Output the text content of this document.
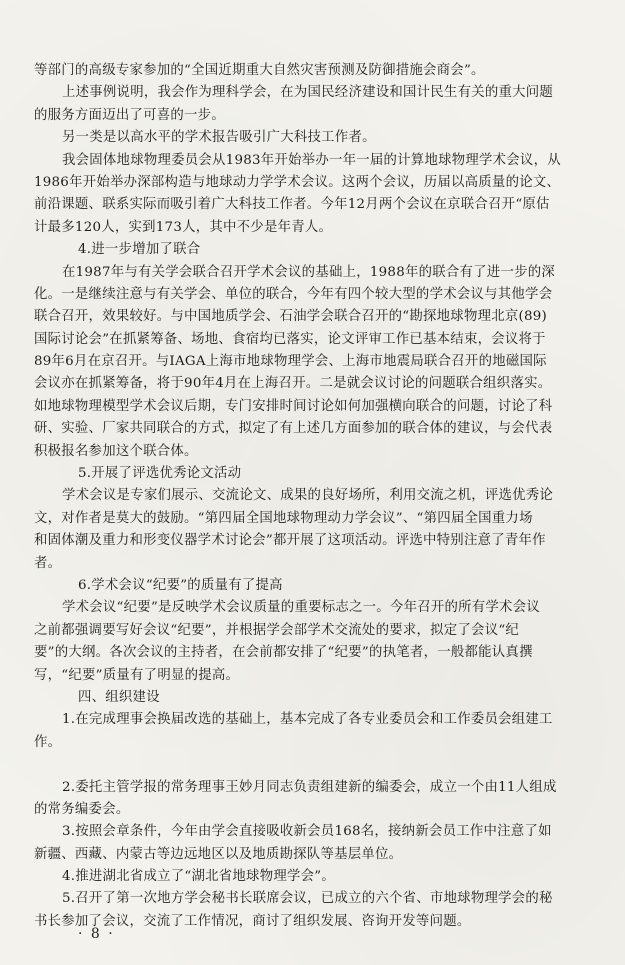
等部门的高级专家参加的“全国近期重大自然灾害预测及防御措施会商会”。
上述事例说明，我会作为理科学会，在为国民经济建设和国计民生有关的重大问题
的服务方面迈出了可喜的一步。
另一类是以高水平的学术报告吸引广大科技工作者。
我会固体地球物理委员会从1983年开始举办一年一届的计算地球物理学术会议，从
1986年开始举办深部构造与地球动力学学术会议。这两个会议，历届以高质量的论文、
前沿课题、联系实际而吸引着广大科技工作者。今年12月两个会议在京联合召开“原估
计最多120人，实到173人，其中不少是年青人。
4.进一步增加了联合
在1987年与有关学会联合召开学术会议的基础上，1988年的联合有了进一步的深
化。一是继续注意与有关学会、单位的联合，今年有四个较大型的学术会议与其他学会
联合召开，效果较好。与中国地质学会、石油学会联合召开的“勘探地球物理北京(89)
国际讨论会”在抓紧筹备、场地、食宿均已落实，论文评审工作已基本结束，会议将于
89年6月在京召开。与IAGA上海市地球物理学会、上海市地震局联合召开的地磁国际
会议亦在抓紧筹备，将于90年4月在上海召开。二是就会议讨论的问题联合组织落实。
如地球物理模型学术会议后期，专门安排时间讨论如何加强横向联合的问题，讨论了科
研、实验、厂家共同联合的方式，拟定了有上述几方面参加的联合体的建议，与会代表
积极报名参加这个联合体。
5.开展了评选优秀论文活动
学术会议是专家们展示、交流论文、成果的良好场所，利用交流之机，评选优秀论
文，对作者是莫大的鼓励。“第四届全国地球物理动力学会议”、“第四届全国重力场
和固体潮及重力和形变仪器学术讨论会”都开展了这项活动。评选中特别注意了青年作
者。
6.学术会议“纪要”的质量有了提高
学术会议“纪要”是反映学术会议质量的重要标志之一。今年召开的所有学术会议
之前都强调要写好会议“纪要”，并根据学会部学术交流处的要求，拟定了会议“纪
要”的大纲。各次会议的主持者，在会前都安排了“纪要”的执笔者，一般都能认真撰
写，“纪要”质量有了明显的提高。
四、组织建设
1.在完成理事会换届改选的基础上，基本完成了各专业委员会和工作委员会组建工
作。
2.委托主管学报的常务理事王妙月同志负责组建新的编委会，成立一个由11人组成
的常务编委会。
3.按照会章条件，今年由学会直接吸收新会员168名，接纳新会员工作中注意了如
新疆、西藏、内蒙古等边远地区以及地质勘探队等基层单位。
4.推进湖北省成立了“湖北省地球物理学会”。
5.召开了第一次地方学会秘书长联席会议，已成立的六个省、市地球物理学会的秘
书长参加了会议，交流了工作情况，商讨了组织发展、咨询开发等问题。
· 8 ·
